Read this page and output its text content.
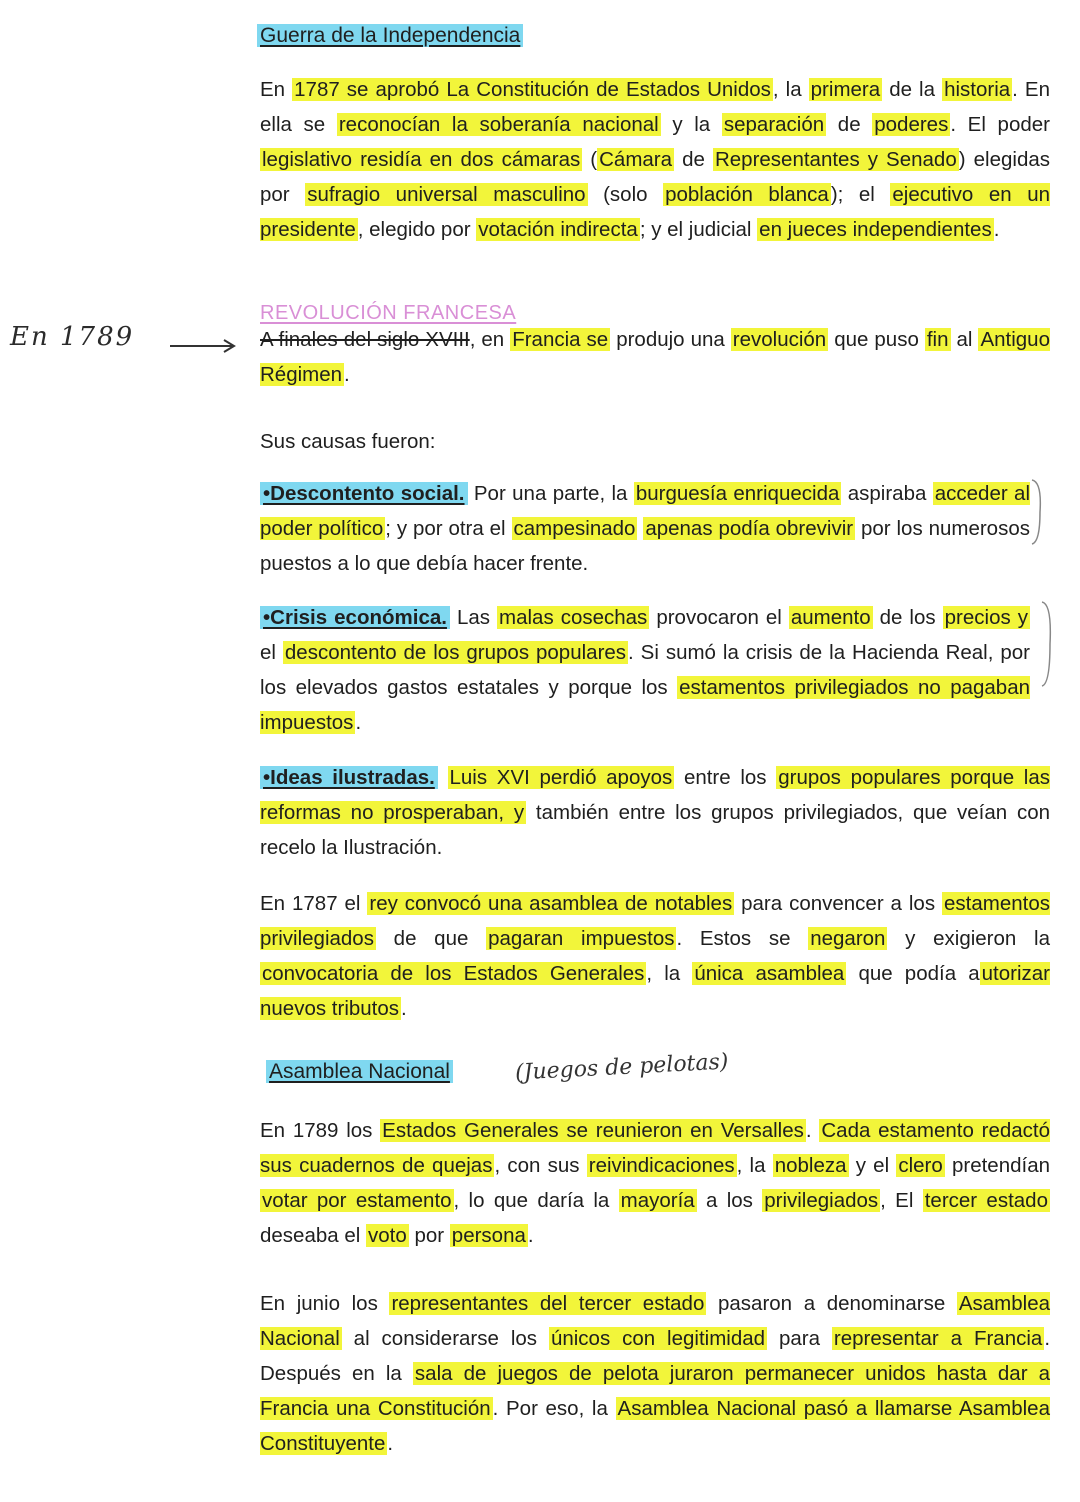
Guerra de la Independencia

En 1787 se aprobó La Constitución de Estados Unidos, la primera de la historia. En ella se reconocían la soberanía nacional y la separación de poderes. El poder legislativo residía en dos cámaras (Cámara de Representantes y Senado) elegidas por sufragio universal masculino (solo población blanca); el ejecutivo en un presidente, elegido por votación indirecta; y el judicial en jueces independientes.

En 1789
REVOLUCIÓN FRANCESA

A finales del siglo XVIII, en Francia se produjo una revolución que puso fin al Antiguo Régimen.

Sus causas fueron:

•Descontento social. Por una parte, la burguesía enriquecida aspiraba acceder al poder político; y por otra el campesinado apenas podía obrevivir por los numerosos puestos a lo que debía hacer frente.

•Crisis económica. Las malas cosechas provocaron el aumento de los precios y el descontento de los grupos populares. Si sumó la crisis de la Hacienda Real, por los elevados gastos estatales y porque los estamentos privilegiados no pagaban impuestos.

•Ideas ilustradas. Luis XVI perdió apoyos entre los grupos populares porque las reformas no prosperaban, y también entre los grupos privilegiados, que veían con recelo la Ilustración.

En 1787 el rey convocó una asamblea de notables para convencer a los estamentos privilegiados de que pagaran impuestos. Estos se negaron y exigieron la convocatoria de los Estados Generales, la única asamblea que podía autorizar nuevos tributos.

Asamblea Nacional	(Juegos de pelotas)

En 1789 los Estados Generales se reunieron en Versalles. Cada estamento redactó sus cuadernos de quejas, con sus reivindicaciones, la nobleza y el clero pretendían votar por estamento, lo que daría la mayoría a los privilegiados, El tercer estado deseaba el voto por persona.

En junio los representantes del tercer estado pasaron a denominarse Asamblea Nacional al considerarse los únicos con legitimidad para representar a Francia. Después en la sala de juegos de pelota juraron permanecer unidos hasta dar a Francia una Constitución. Por eso, la Asamblea Nacional pasó a llamarse Asamblea Constituyente.
